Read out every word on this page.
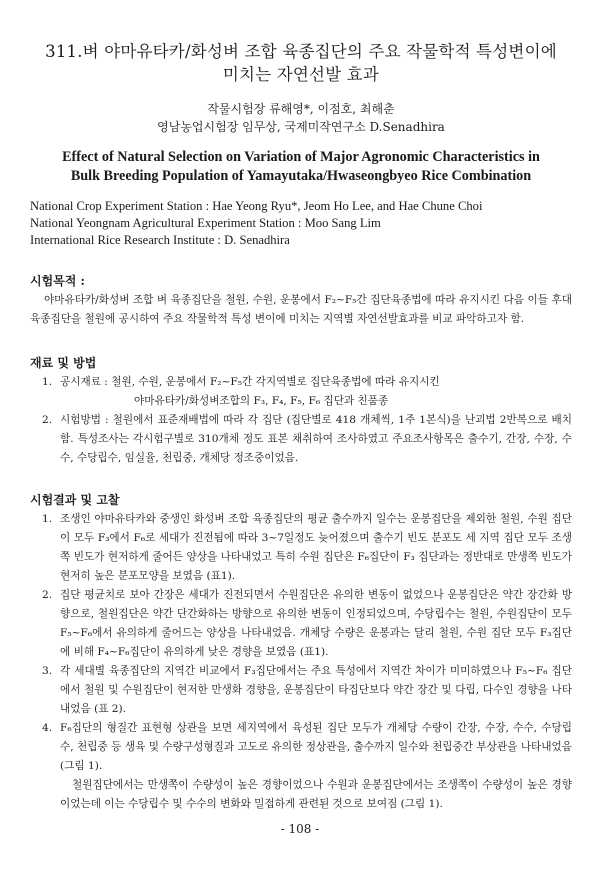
311.벼 야마유타카/화성벼 조합 육종집단의 주요 작물학적 특성변이에
미치는 자연선발 효과
작물시험장 류해영*, 이점호, 최해춘
영남농업시험장 임무상, 국제미작연구소 D.Senadhira
Effect of Natural Selection on Variation of Major Agronomic Characteristics in
Bulk Breeding Population of Yamayutaka/Hwaseongbyeo Rice Combination
National Crop Experiment Station : Hae Yeong Ryu*, Jeom Ho Lee, and Hae Chune Choi
National Yeongnam Agricultural Experiment Station : Moo Sang Lim
International Rice Research Institute : D. Senadhira
시험목적 :

야마유타카/화성벼 조합 벼 육종집단을 철원, 수원, 운봉에서 F₂~F₅간 집단육종법에 따라 유지시킨 다음 이들 후대 육종집단을 철원에 공시하여 주요 작물학적 특성 변이에 미치는 지역별 자연선발효과를 비교 파악하고자 함.

재료 및 방법
1. 공시재료 : 철원, 수원, 운봉에서 F₂~F₅간 각지역별로 집단육종법에 따라 유지시킨
야마유타카/화성벼조합의 F₃, F₄, F₅, F₆ 집단과 친품종
2. 시험방법 : 철원에서 표준재배법에 따라 각 집단 (집단별로 418 개체씩, 1주 1본식)을 난괴법 2반복으로 배치함. 특성조사는 각시험구별로 310개체 정도 표본 채취하여 조사하였고 주요조사항목은 출수기, 간장, 수장, 수수, 수당립수, 임실율, 천립중, 개체당 정조중이었음.
시험결과 및 고찰
1. 조생인 야마유타카와 중생인 화성벼 조합 육종집단의 평균 출수까지 일수는 운봉집단을 제외한 철원, 수원 집단이 모두 F₃에서 F₆로 세대가 진전됨에 따라 3~7일정도 늦어졌으며 출수기 빈도 분포도 세 지역 집단 모두 조생쪽 빈도가 현저하게 줄어든 양상을 나타내었고 특히 수원 집단은 F₆집단이 F₃ 집단과는 정반대로 만생쪽 빈도가 현저히 높은 분포모양을 보였음 (표1).
2. 집단 평균치로 보아 간장은 세대가 진전되면서 수원집단은 유의한 변동이 없었으나 운봉집단은 약간 장간화 방향으로, 철원집단은 약간 단간화하는 방향으로 유의한 변동이 인정되었으며, 수당립수는 철원, 수원집단이 모두 F₅~F₆에서 유의하게 줄어드는 양상을 나타내었음. 개체당 수량은 운봉과는 달리 철원, 수원 집단 모두 F₃집단에 비해 F₄~F₆집단이 유의하게 낮은 경향을 보였음 (표1).
3. 각 세대별 육종집단의 지역간 비교에서 F₃집단에서는 주요 특성에서 지역간 차이가 미미하였으나 F₅~F₆ 집단에서 철원 및 수원집단이 현저한 만생화 경향을, 운봉집단이 타집단보다 약간 장간 및 다립, 다수인 경향을 나타내었음 (표 2).
4. F₆집단의 형질간 표현형 상관을 보면 세지역에서 육성된 집단 모두가 개체당 수량이 간장, 수장, 수수, 수당립수, 천립중 등 생육 및 수량구성형질과 고도로 유의한 정상관을, 출수까지 일수와 천립중간 부상관을 나타내었음(그림 1).

철원집단에서는 만생쪽이 수량성이 높은 경향이었으나 수원과 운봉집단에서는 조생쪽이 수량성이 높은 경향이었는데 이는 수당립수 및 수수의 변화와 밀접하게 관련된 것으로 보여짐 (그림 1).

- 108 -
